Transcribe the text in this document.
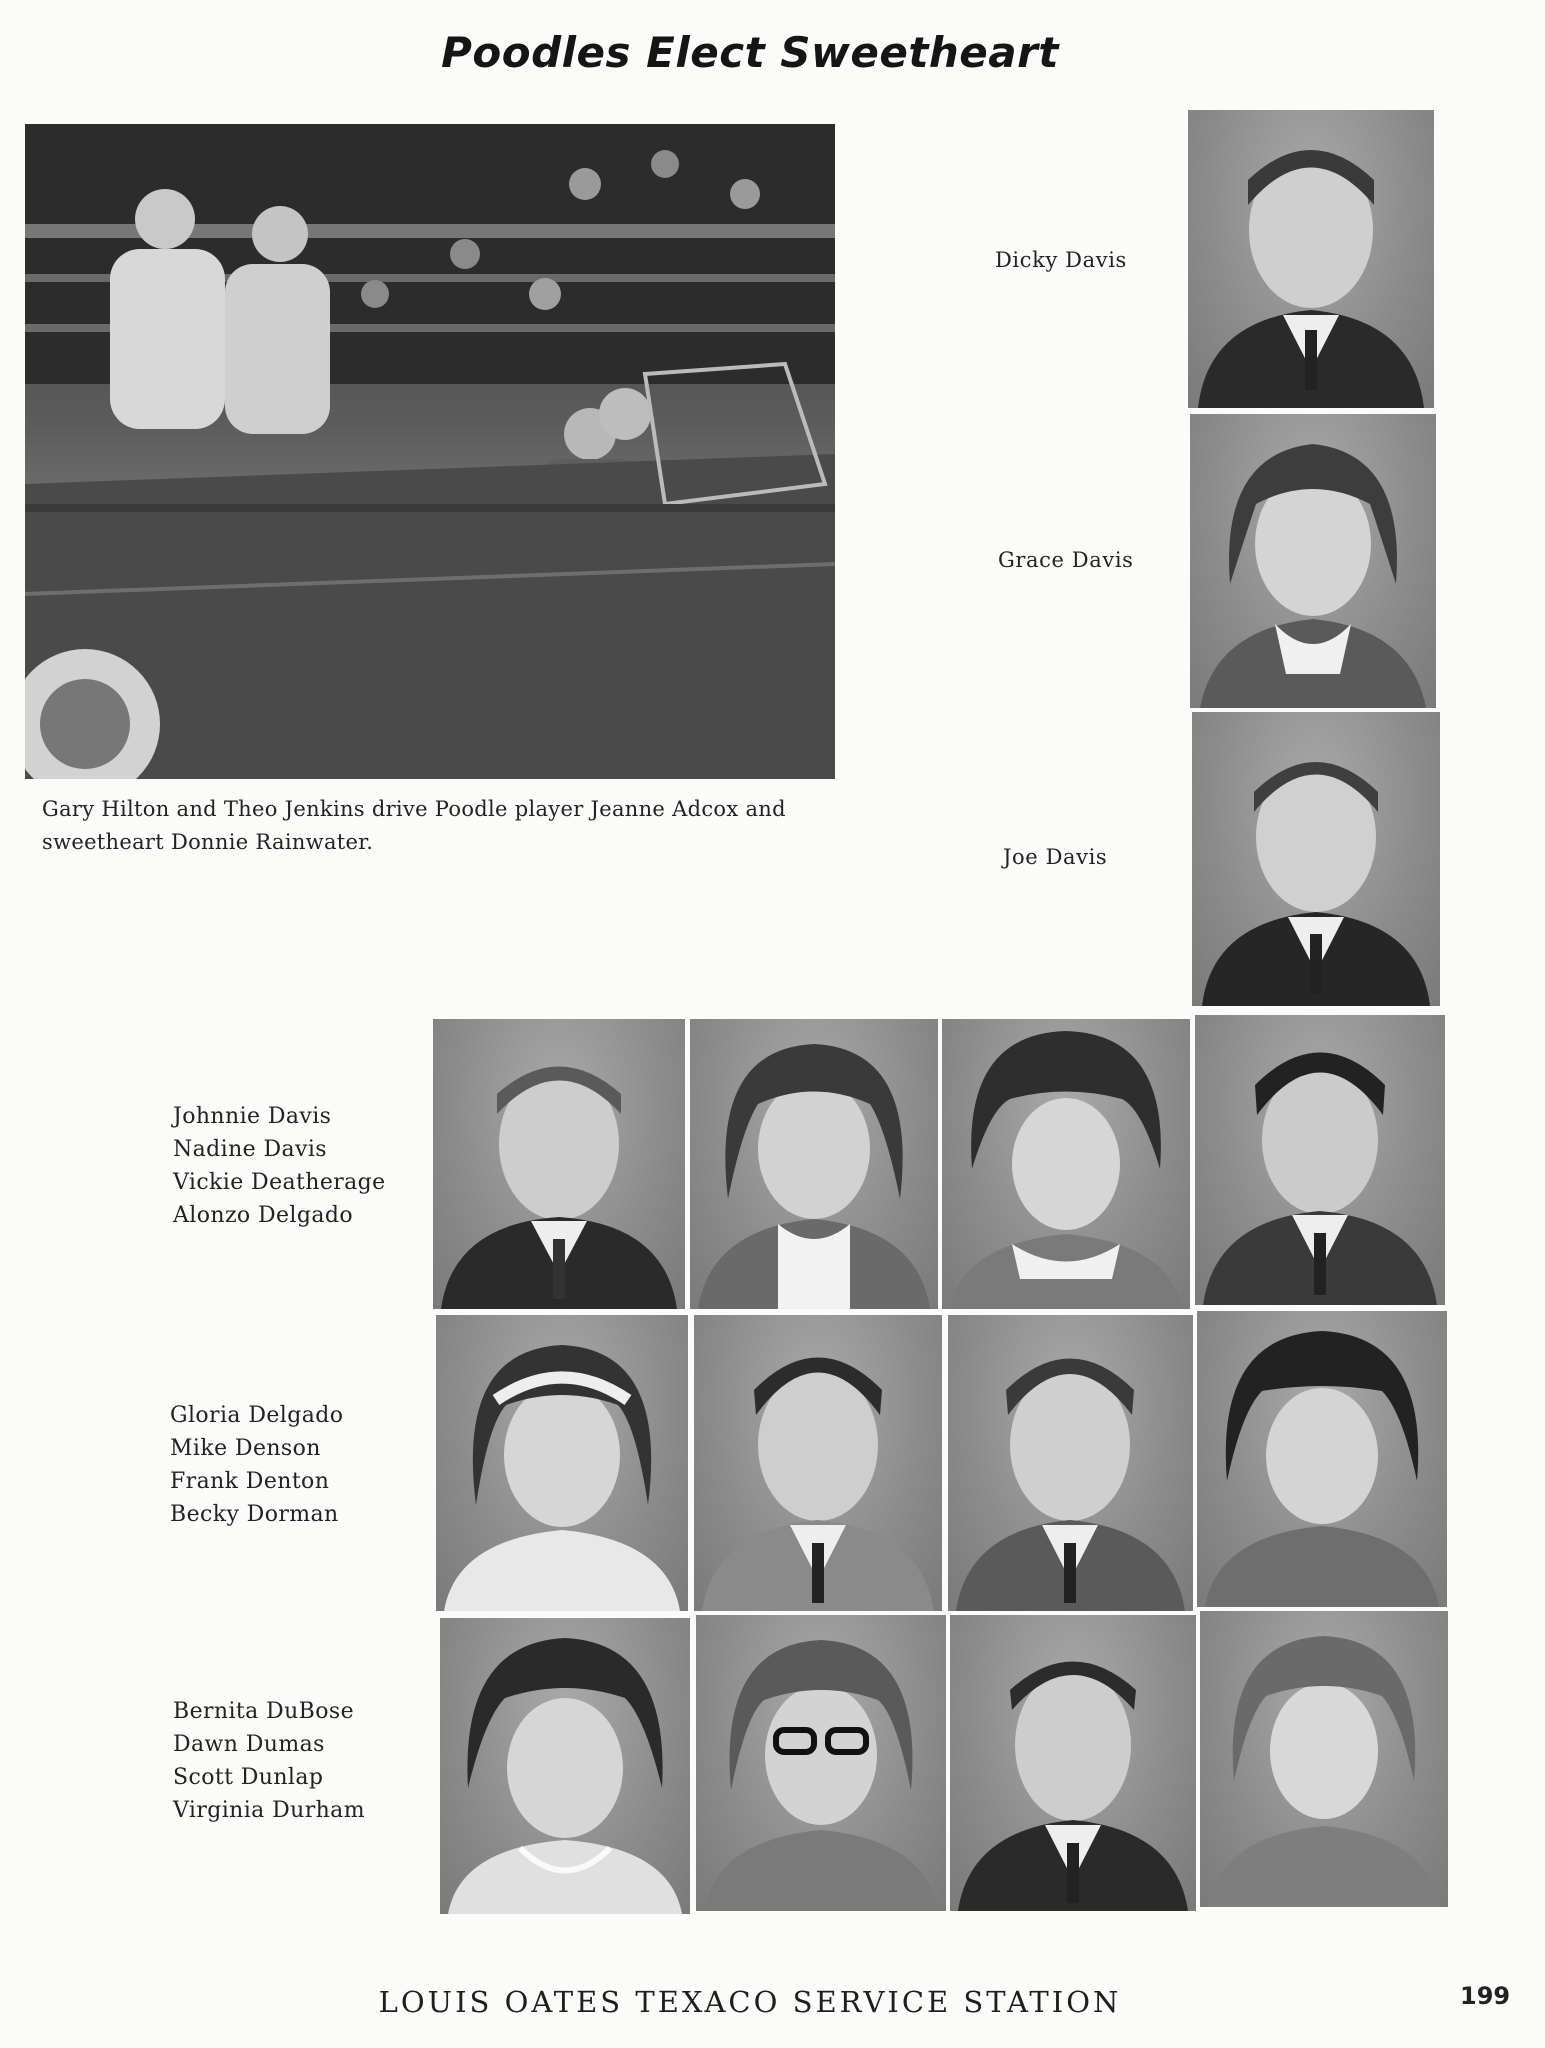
Poodles Elect Sweetheart
Gary Hilton and Theo Jenkins drive Poodle player Jeanne Adcox and sweetheart Donnie Rainwater.
Dicky Davis
Grace Davis
Joe Davis
Johnnie Davis
Nadine Davis
Vickie Deatherage
Alonzo Delgado
Gloria Delgado
Mike Denson
Frank Denton
Becky Dorman
Bernita DuBose
Dawn Dumas
Scott Dunlap
Virginia Durham
LOUIS OATES TEXACO SERVICE STATION	199
